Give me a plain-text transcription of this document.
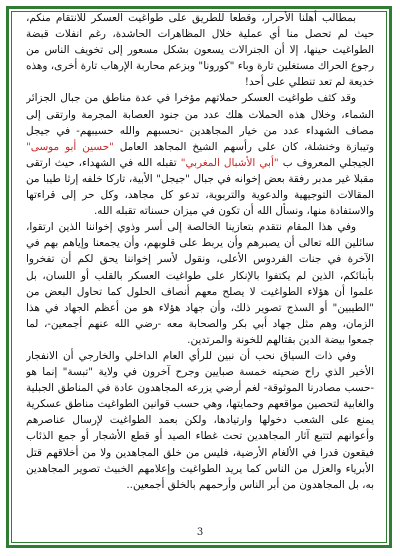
بمطالب أهلنا الأحرار، وقطعا للطريق على طواغيت العسكر للانتقام منكم، حيث لم تحصل منا أي عملية خلال المظاهرات الحاشدة، رغم انفلات قبضة الطواغيت حينها، إلا أن الجنرالات يسعون بشكل مسعور إلى تخويف الناس من رجوع الحراك مستغلين تارة وباء "كورونا" وبزعم محاربة الإرهاب تارة أخرى، وهذه خديعة لم تعد تنطلي على أحد!

وقد كثف طواغيت العسكر حملاتهم مؤخرا في عدة مناطق من جبال الجزائر الشماء، وخلال هذه الحملات هلك عدد من جنود العصابة المجرمة وارتقى إلى مصاف الشهداء عدد من خيار المجاهدين -نحسبهم والله حسيبهم- في جيجل وتيبازة وخنشلة، كان على رأسهم الشيخ المجاهد العامل "حسين أبو موسى" الجيجلي المعروف ب "أبي الأشبال المغربي" تقبله الله في الشهداء، حيث ارتقى مقبلا غير مدبر رفقة بعض إخوانه في جبال "جيجل" الأبية، تاركا خلفه إرثا طيبا من المقالات التوجيهية والدعوية والتربوية، تدعو كل مجاهد، وكل حر إلى قراءتها والاستفادة منها، ونسأل الله أن تكون في ميزان حسناته تقبله الله.

وفي هذا المقام نتقدم بتعازينا الخالصة إلى أسر وذوي إخواننا الذين ارتقوا، سائلين الله تعالى أن يصبرهم وأن يربط على قلوبهم، وأن يجمعنا وإياهم بهم في الآخرة في جنات الفردوس الأعلى، ونقول لأسر إخواننا يحق لكم أن تفخروا بأبنائكم، الذين لم يكتفوا بالإنكار على طواغيت العسكر بالقلب أو اللسان، بل علموا أن هؤلاء الطواغيت لا يصلح معهم أنصاف الحلول كما تحاول البعض من "الطيبين" أو السذج تصوير ذلك، وأن جهاد هؤلاء هو من أعظم الجهاد في هذا الزمان، وهم مثل جهاد أبي بكر والصحابة معه -رضي الله عنهم أجمعين-، لما جمعوا بيضة الدين بقتالهم للخونة والمرتدين.

وفي ذات السياق نحب أن نبين للرأي العام الداخلي والخارجي أن الانفجار الأخير الذي راح ضحيته خمسة صبايين وجرح آخرون في ولاية "تبسة" إنما هو -حسب مصادرنا الموثوقة- لغم أرضي يزرعه المجاهدون عادة في المناطق الجبلية والغابية لتحصين مواقعهم وحمايتها، وهي حسب قوانين الطواغيت مناطق عسكرية يمنع على الشعب دخولها وارتيادها، ولكن بعمد الطواغيت لإرسال عناصرهم وأعوانهم لتتبع آثار المجاهدين تحت غطاء الصيد أو قطع الأشجار أو جمع الذئاب فيقعون قدرا في الألغام الأرضية، فليس من خلق المجاهدين ولا من أخلاقهم قتل الأبرياء والعزل من الناس كما يريد الطواغيت وإعلامهم الخبيث تصوير المجاهدين به، بل المجاهدون من أبر الناس وأرحمهم بالخلق أجمعين..

3
